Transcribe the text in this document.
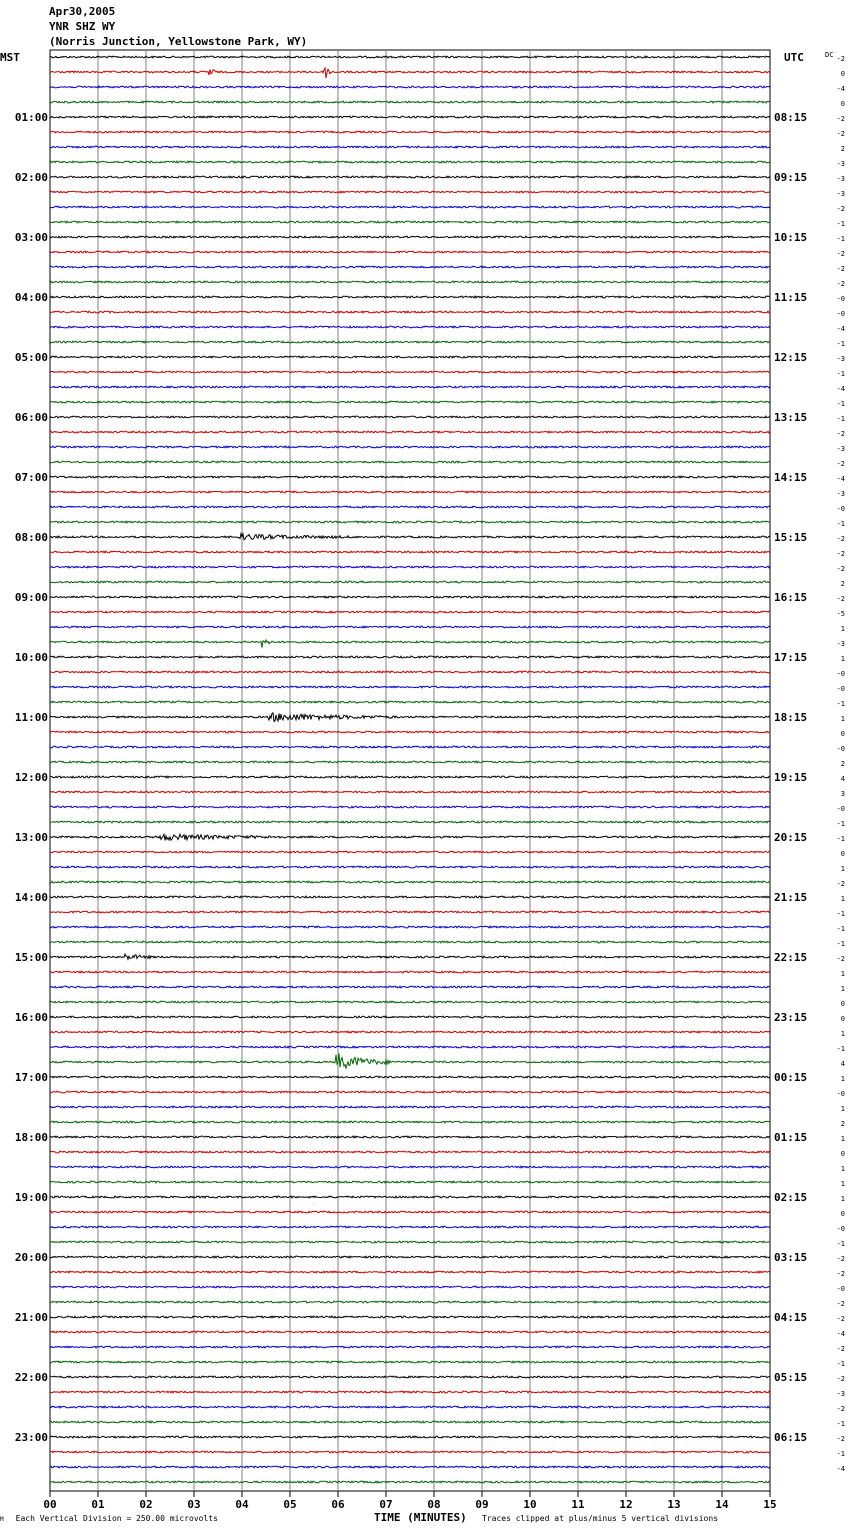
Apr30,2005
YNR SHZ WY
(Norris Junction, Yellowstone Park, WY)
01:00
02:00
03:00
04:00
05:00
06:00
07:00
08:00
09:00
10:00
11:00
12:00
13:00
14:00
15:00
16:00
17:00
18:00
19:00
20:00
21:00
22:00
23:00
08:15
09:15
10:15
11:15
12:15
13:15
14:15
15:15
16:15
17:15
18:15
19:15
20:15
21:15
22:15
23:15
00:15
01:15
02:15
03:15
04:15
05:15
06:15
-2
0
-4
0
-2
-2
2
-3
-3
-3
-2
-1
-1
-2
-2
-2
-0
-0
-4
-1
-3
-1
-4
-1
-1
-2
-3
-2
-4
-3
-0
-1
-2
-2
-2
2
-2
-5
1
-3
1
-0
-0
-1
1
0
-0
2
4
3
-0
-1
-1
0
1
-2
1
-1
-1
-1
-2
1
1
0
0
1
-1
4
1
-0
1
2
1
0
1
1
1
0
-0
-1
-2
-2
-0
-2
-2
-4
-2
-1
-2
-3
-2
-1
-2
-1
-4
00	01	02	03	04	05	06	07	08	09	10	11	12	13	14	15
MST	UTC	DC
M Each Vertical Division = 250.00 microvolts	TIME (MINUTES) Traces clipped at plus/minus 5 vertical divisions
